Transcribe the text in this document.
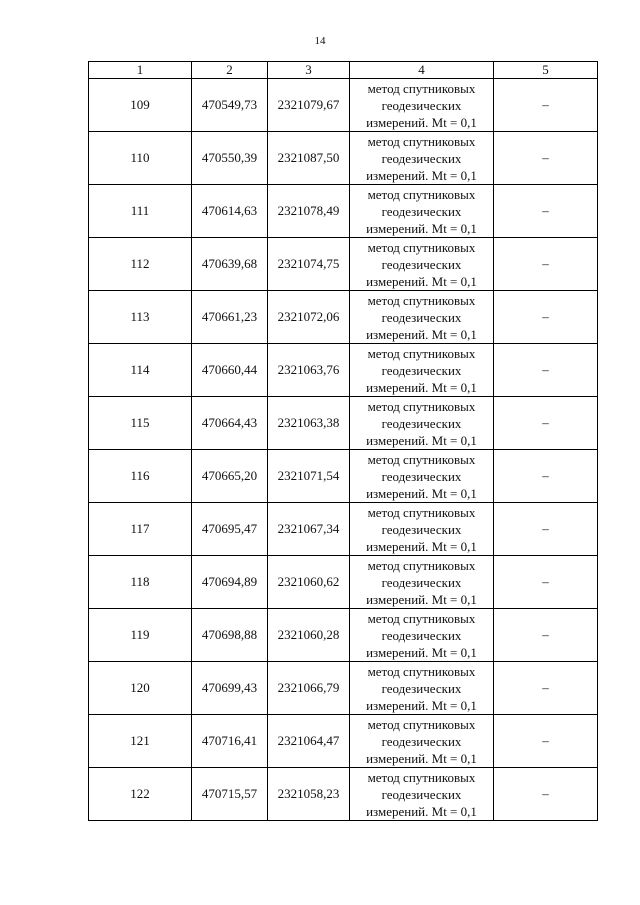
14
1	2	3	4	5
109	470549,73	2321079,67	метод спутниковых
геодезических
измерений. Mt = 0,1	–
110	470550,39	2321087,50	метод спутниковых
геодезических
измерений. Mt = 0,1	–
111	470614,63	2321078,49	метод спутниковых
геодезических
измерений. Mt = 0,1	–
112	470639,68	2321074,75	метод спутниковых
геодезических
измерений. Mt = 0,1	–
113	470661,23	2321072,06	метод спутниковых
геодезических
измерений. Mt = 0,1	–
114	470660,44	2321063,76	метод спутниковых
геодезических
измерений. Mt = 0,1	–
115	470664,43	2321063,38	метод спутниковых
геодезических
измерений. Mt = 0,1	–
116	470665,20	2321071,54	метод спутниковых
геодезических
измерений. Mt = 0,1	–
117	470695,47	2321067,34	метод спутниковых
геодезических
измерений. Mt = 0,1	–
118	470694,89	2321060,62	метод спутниковых
геодезических
измерений. Mt = 0,1	–
119	470698,88	2321060,28	метод спутниковых
геодезических
измерений. Mt = 0,1	–
120	470699,43	2321066,79	метод спутниковых
геодезических
измерений. Mt = 0,1	–
121	470716,41	2321064,47	метод спутниковых
геодезических
измерений. Mt = 0,1	–
122	470715,57	2321058,23	метод спутниковых
геодезических
измерений. Mt = 0,1	–
